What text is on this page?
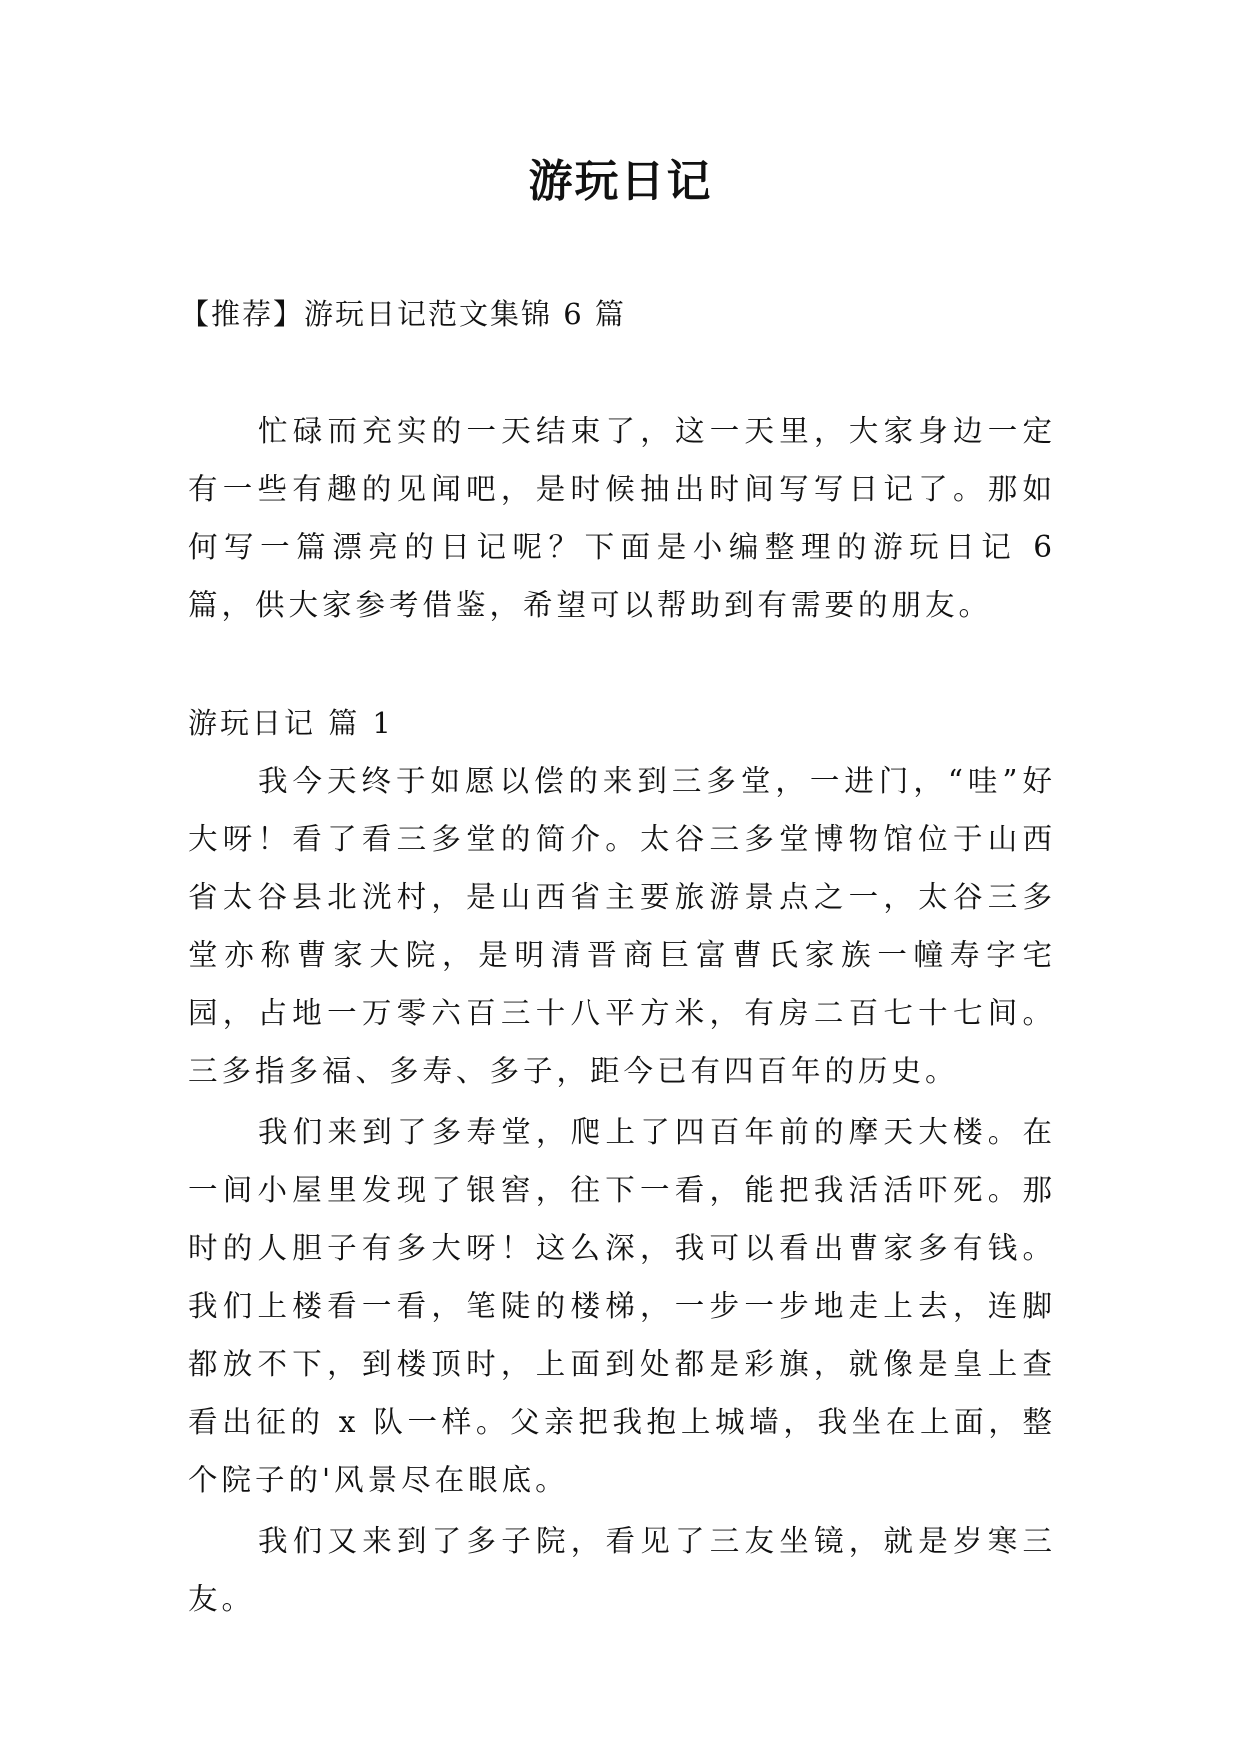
游玩日记

【推荐】游玩日记范文集锦 6 篇

忙碌而充实的一天结束了，这一天里，大家身边一定有一些有趣的见闻吧，是时候抽出时间写写日记了。那如何写一篇漂亮的日记呢？下面是小编整理的游玩日记 6 篇，供大家参考借鉴，希望可以帮助到有需要的朋友。

游玩日记 篇 1

我今天终于如愿以偿的来到三多堂，一进门，“哇”好大呀！看了看三多堂的简介。太谷三多堂博物馆位于山西省太谷县北洸村，是山西省主要旅游景点之一，太谷三多堂亦称曹家大院，是明清晋商巨富曹氏家族一幢寿字宅园，占地一万零六百三十八平方米，有房二百七十七间。三多指多福、多寿、多子，距今已有四百年的历史。

我们来到了多寿堂，爬上了四百年前的摩天大楼。在一间小屋里发现了银窖，往下一看，能把我活活吓死。那时的人胆子有多大呀！这么深，我可以看出曹家多有钱。我们上楼看一看，笔陡的楼梯，一步一步地走上去，连脚都放不下，到楼顶时，上面到处都是彩旗，就像是皇上查看出征的 x 队一样。父亲把我抱上城墙，我坐在上面，整个院子的'风景尽在眼底。

我们又来到了多子院，看见了三友坐镜，就是岁寒三友。
